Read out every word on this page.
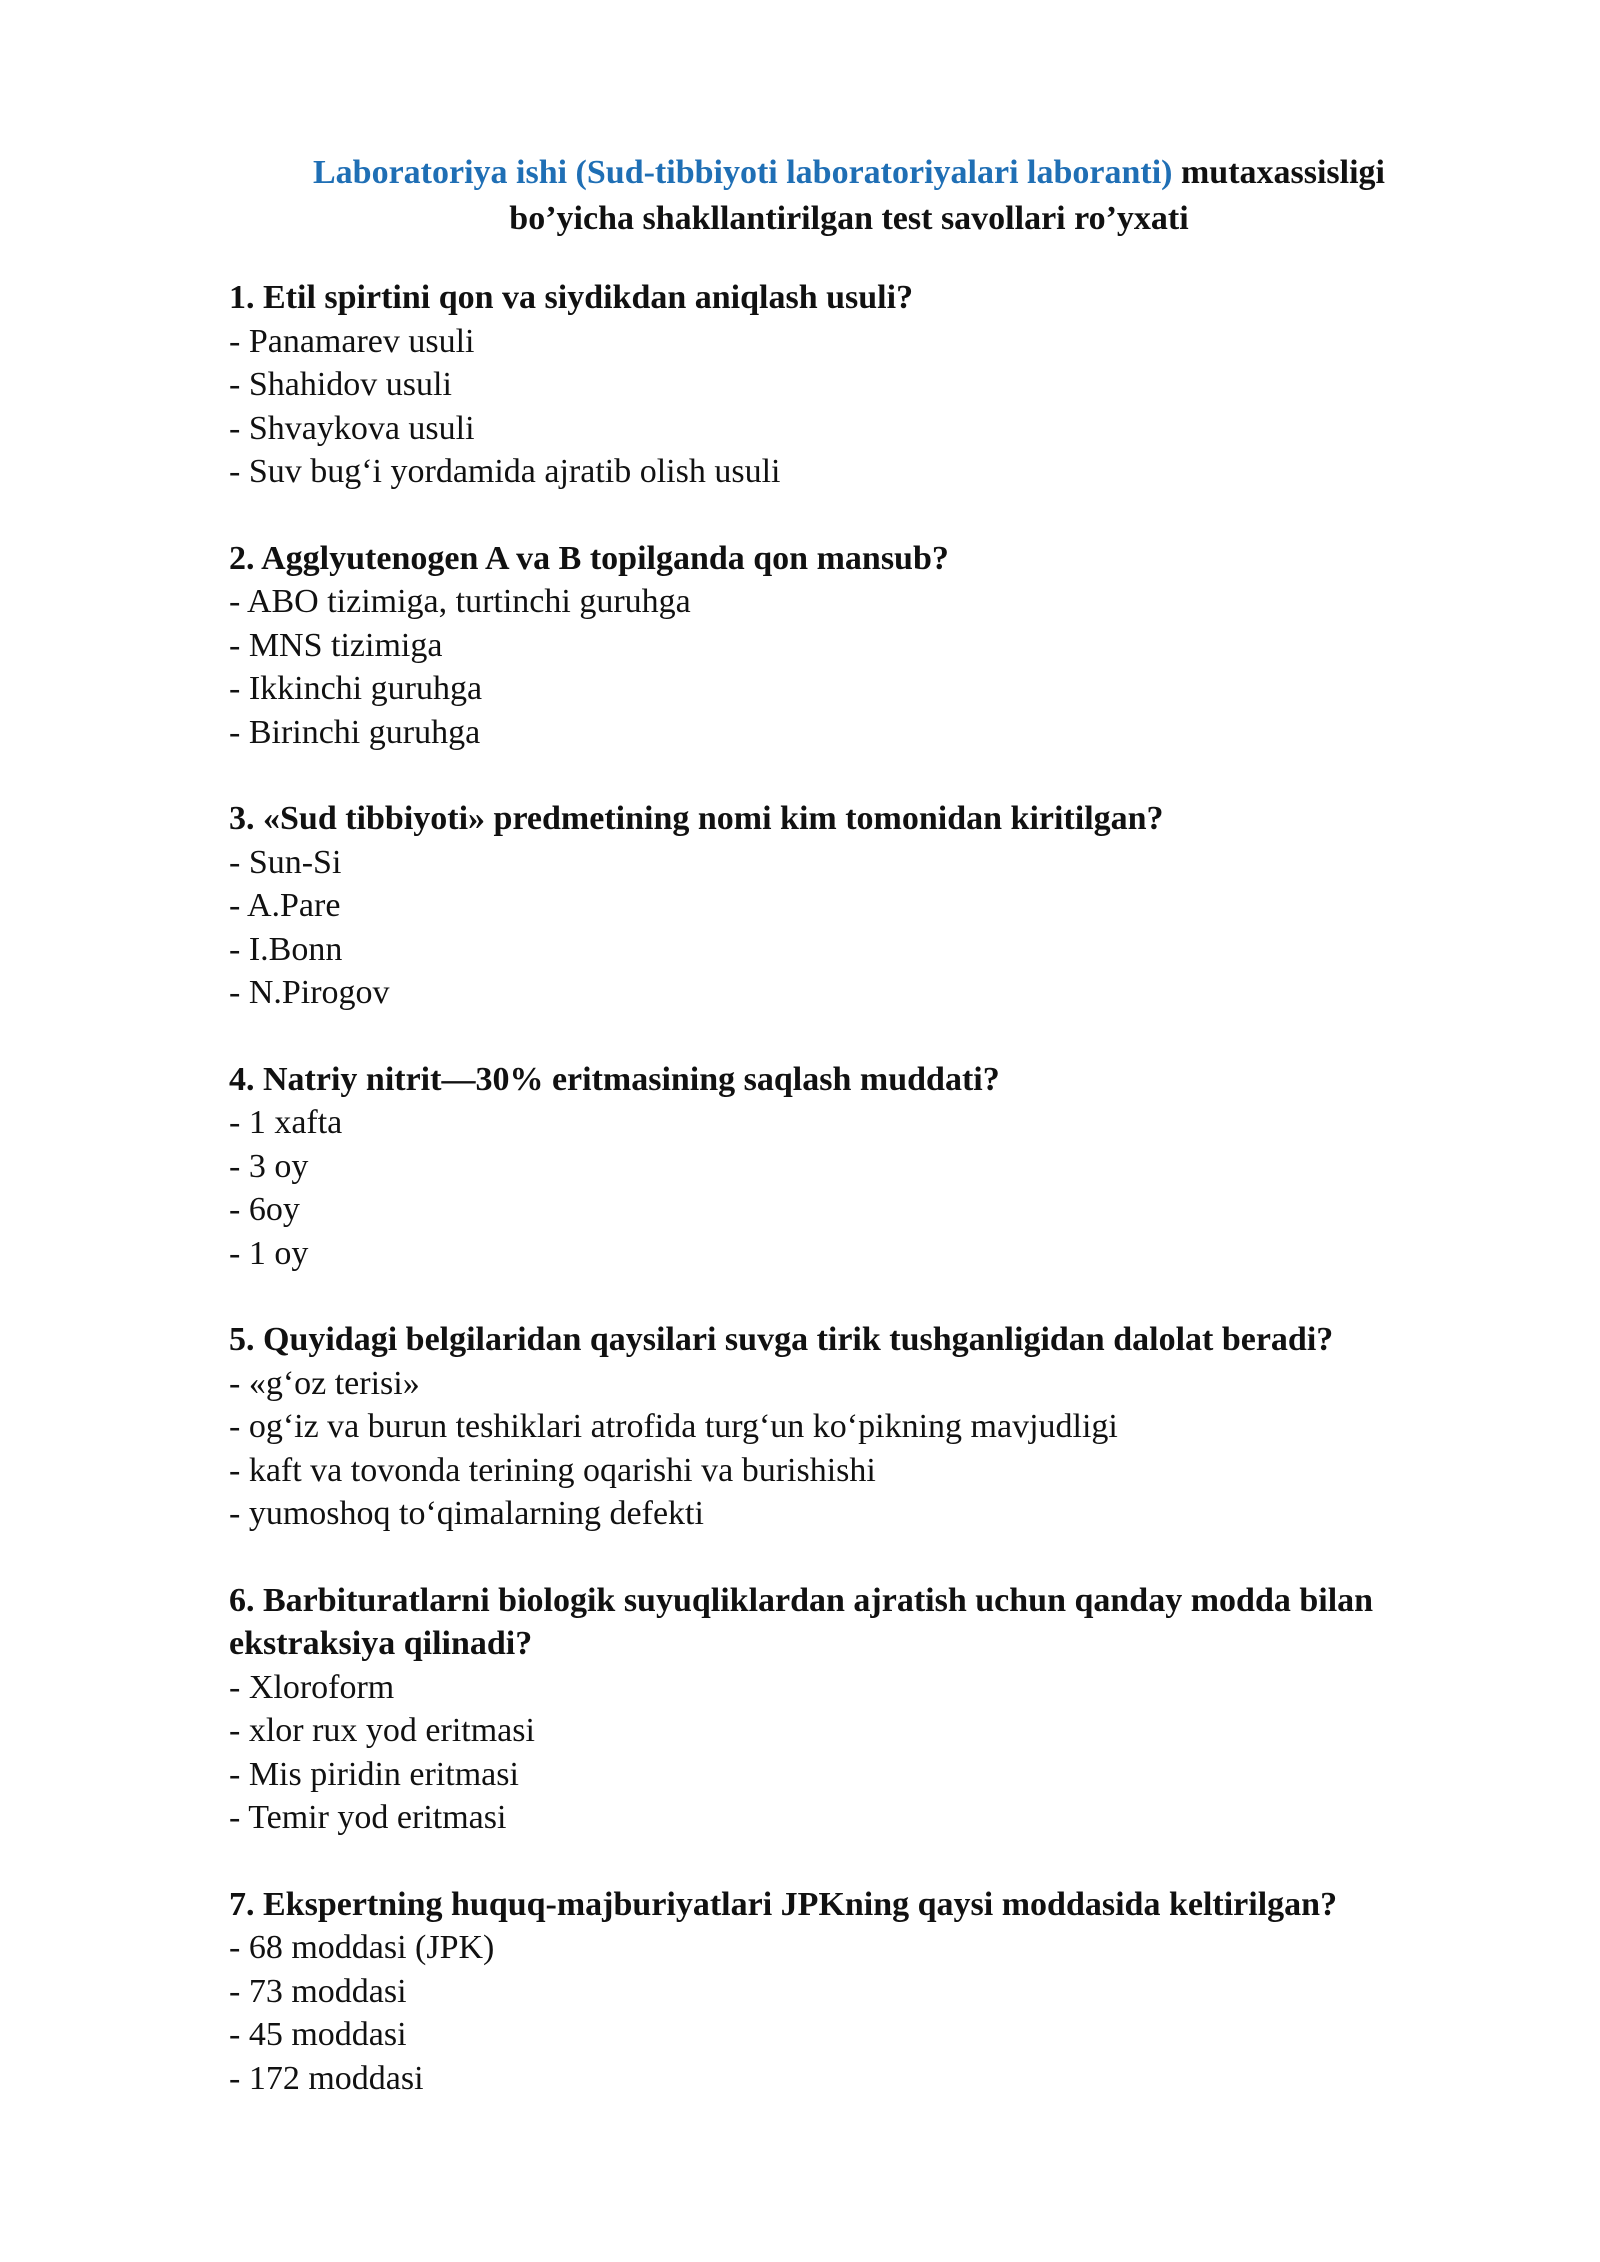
Laboratoriya ishi (Sud-tibbiyoti laboratoriyalari laboranti) mutaxassisligi
bo’yicha shakllantirilgan test savollari ro’yxati

1. Etil spirtini qon va siydikdan aniqlash usuli?

- Panamarev usuli
- Shahidov usuli
- Shvaykova usuli
- Suv bug‘i yordamida ajratib olish usuli

2. Agglyutenogen A va B topilganda qon mansub?

- ABO tizimiga, turtinchi guruhga
- MNS tizimiga
- Ikkinchi guruhga
- Birinchi guruhga

3. «Sud tibbiyoti» predmetining nomi kim tomonidan kiritilgan?

- Sun-Si
- A.Pare
- I.Bonn
- N.Pirogov

4. Natriy nitrit—30% eritmasining saqlash muddati?

- 1 xafta
- 3 oy
- 6oy
- 1 oy

5. Quyidagi belgilaridan qaysilari suvga tirik tushganligidan dalolat beradi?

- «g‘oz terisi»
- og‘iz va burun teshiklari atrofida turg‘un ko‘pikning mavjudligi
- kaft va tovonda terining oqarishi va burishishi
- yumoshoq to‘qimalarning defekti

6. Barbituratlarni biologik suyuqliklardan ajratish uchun qanday modda bilan ekstraksiya qilinadi?

- Xloroform
- xlor rux yod eritmasi
- Mis piridin eritmasi
- Temir yod eritmasi

7. Ekspertning huquq-majburiyatlari JPKning qaysi moddasida keltirilgan?

- 68 moddasi (JPK)
- 73 moddasi
- 45 moddasi
- 172 moddasi
